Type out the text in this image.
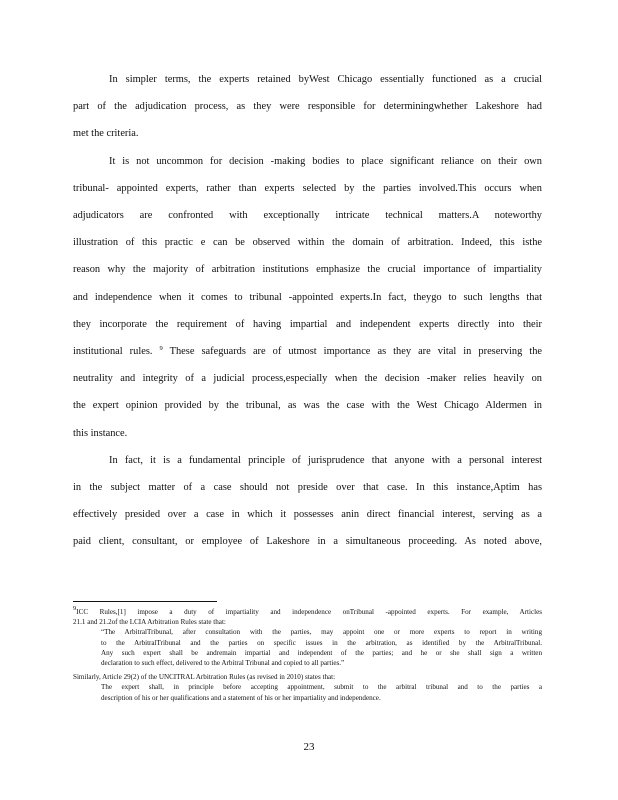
In simpler terms, the experts retained byWest Chicago essentially functioned as a crucial
part of the adjudication process, as they were responsible for determiningwhether Lakeshore had
met the criteria.
It is not uncommon for decision -making bodies to place significant reliance on their own
tribunal- appointed experts, rather than experts selected by the parties involved.This occurs when
adjudicators are confronted with exceptionally intricate technical matters.A noteworthy
illustration of this practic e can be observed within the domain of arbitration. Indeed, this isthe
reason why the majority of arbitration institutions emphasize the crucial importance of impartiality
and independence when it comes to tribunal -appointed experts.In fact, theygo to such lengths that
they incorporate the requirement of having impartial and independent experts directly into their
institutional rules. $^9$ These safeguards are of utmost importance as they are vital in preserving the
neutrality and integrity of a judicial process,especially when the decision -maker relies heavily on
the expert opinion provided by the tribunal, as was the case with the West Chicago Aldermen in
this instance.
In fact, it is a fundamental principle of jurisprudence that anyone with a personal interest
in the subject matter of a case should not preside over that case. In this instance,Aptim has
effectively presided over a case in which it possesses anin direct financial interest, serving as a
paid client, consultant, or employee of Lakeshore in a simultaneous proceeding. As noted above,
$^9$ICC Rules,[1] impose a duty of impartiality and independence onTribunal -appointed experts. For example, Articles
21.1 and 21.2of the LCIA Arbitration Rules state that:
“The ArbitralTribunal, after consultation with the parties, may appoint one or more experts to report in writing
to the ArbitralTribunal and the parties on specific issues in the arbitration, as identified by the ArbitralTribunal.
Any such expert shall be andremain impartial and independent of the parties; and he or she shall sign a written
declaration to such effect, delivered to the Arbitral Tribunal and copied to all parties.”
Similarly, Article 29(2) of the UNCITRAL Arbitration Rules (as revised in 2010) states that:
The expert shall, in principle before accepting appointment, submit to the arbitral tribunal and to the parties a
description of his or her qualifications and a statement of his or her impartiality and independence.
23
